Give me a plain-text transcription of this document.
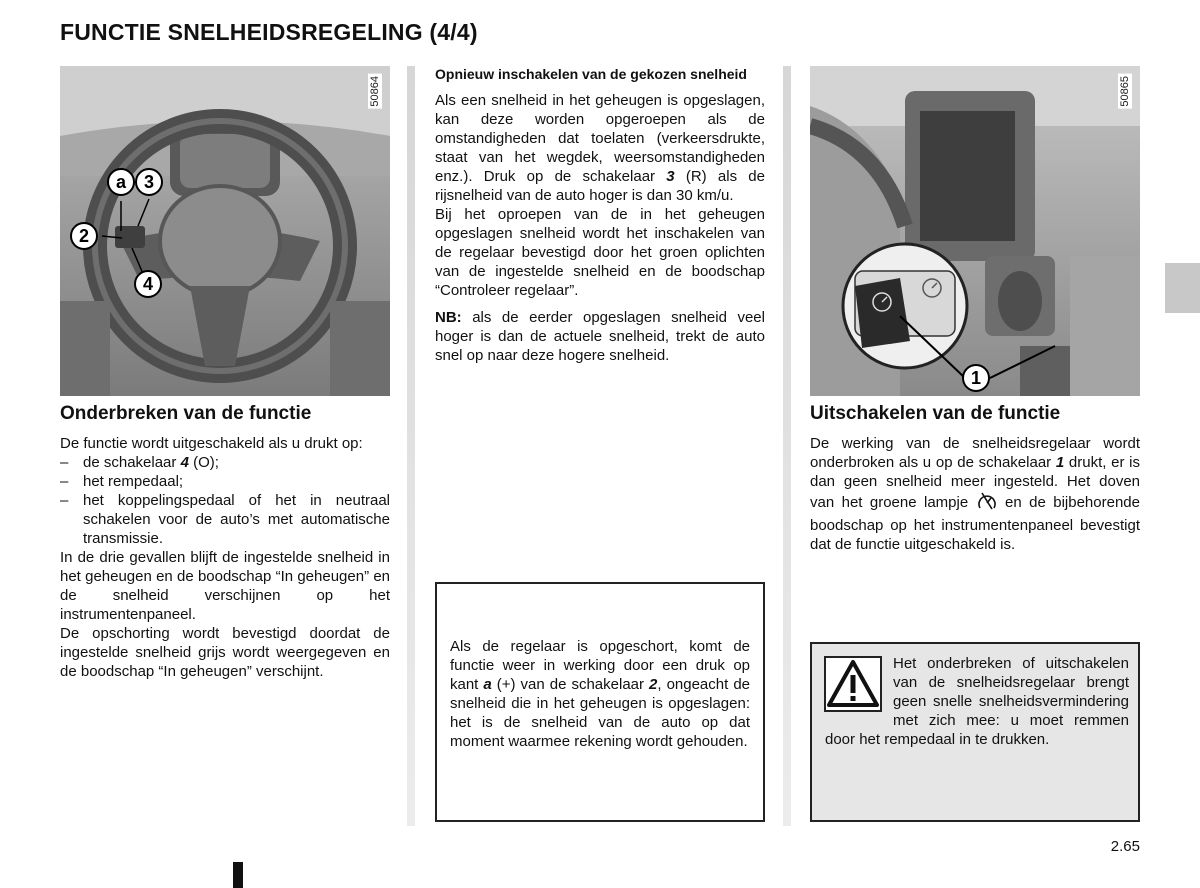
FUNCTIE SNELHEIDSREGELING (4/4)
a 3
2
4
50864
1
50865
Onderbreken van de functie

De functie wordt uitgeschakeld als u drukt op:

– de schakelaar 4 (O);
– het rempedaal;
– het koppelingspedaal of het in neutraal schakelen voor de auto’s met automatische transmissie.

In de drie gevallen blijft de ingestelde snelheid in het geheugen en de boodschap “In geheugen” en de snelheid verschijnen op het instrumentenpaneel.

De opschorting wordt bevestigd doordat de ingestelde snelheid grijs wordt weergegeven en de boodschap “In geheugen” verschijnt.

Opnieuw inschakelen van de gekozen snelheid

Als een snelheid in het geheugen is opgeslagen, kan deze worden opgeroepen als de omstandigheden dat toelaten (verkeersdrukte, staat van het wegdek, weersomstandigheden enz.). Druk op de schakelaar 3 (R) als de rijsnelheid van de auto hoger is dan 30 km/u.

Bij het oproepen van de in het geheugen opgeslagen snelheid wordt het inschakelen van de regelaar bevestigd door het groen oplichten van de ingestelde snelheid en de boodschap “Controleer regelaar”.

NB: als de eerder opgeslagen snelheid veel hoger is dan de actuele snelheid, trekt de auto snel op naar deze hogere snelheid.

Als de regelaar is opgeschort, komt de functie weer in werking door een druk op kant a (+) van de schakelaar 2, ongeacht de snelheid die in het geheugen is opgeslagen: het is de snelheid van de auto op dat moment waarmee rekening wordt gehouden.
Uitschakelen van de functie

De werking van de snelheidsregelaar wordt onderbroken als u op de schakelaar 1 drukt, er is dan geen snelheid meer ingesteld. Het doven van het groene lampje  en de bijbehorende boodschap op het instrumentenpaneel bevestigt dat de functie uitgeschakeld is.

Het onderbreken of uitschakelen van de snelheidsregelaar brengt geen snelle snelheidsvermindering met zich mee: u moet remmen door het rempedaal in te drukken.
2.65
